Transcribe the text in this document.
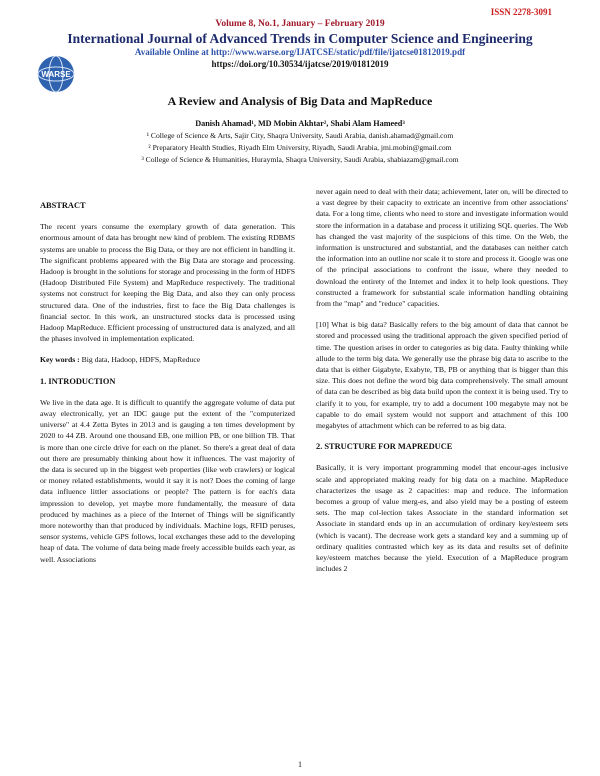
ISSN 2278-3091
Volume 8, No.1, January – February 2019
International Journal of Advanced Trends in Computer Science and Engineering
Available Online at http://www.warse.org/IJATCSE/static/pdf/file/ijatcse01812019.pdf
https://doi.org/10.30534/ijatcse/2019/01812019
WARSE
A Review and Analysis of Big Data and MapReduce
Danish Ahamad¹, MD Mobin Akhtar², Shabi Alam Hameed³
¹ College of Science & Arts, Sajir City, Shaqra University, Saudi Arabia, danish.ahamad@gmail.com
² Preparatory Health Studies, Riyadh Elm University, Riyadh, Saudi Arabia, jmi.mobin@gmail.com
³ College of Science & Humanities, Huraymla, Shaqra University, Saudi Arabia, shabiazam@gmail.com
ABSTRACT

The recent years consume the exemplary growth of data generation. This enormous amount of data has brought new kind of problem. The existing RDBMS systems are unable to process the Big Data, or they are not efficient in handling it. The significant problems appeared with the Big Data are storage and processing. Hadoop is brought in the solutions for storage and processing in the form of HDFS (Hadoop Distributed File System) and MapReduce respectively. The traditional systems not construct for keeping the Big Data, and also they can only process structured data. One of the industries, first to face the Big Data challenges is financial sector. In this work, an unstructured stocks data is processed using Hadoop MapReduce. Efficient processing of unstructured data is analyzed, and all the phases involved in implementation explicated.

Key words : Big data, Hadoop, HDFS, MapReduce

1. INTRODUCTION

We live in the data age. It is difficult to quantify the aggregate volume of data put away electronically, yet an IDC gauge put the extent of the "computerized universe" at 4.4 Zetta Bytes in 2013 and is gauging a ten times development by 2020 to 44 ZB. Around one thousand EB, one million PB, or one billion TB. That is more than one circle drive for each on the planet. So there's a great deal of data out there are presumably thinking about how it influences. The vast majority of the data is secured up in the biggest web properties (like web crawlers) or logical or money related establishments, would it say it is not? Does the coming of large data influence littler associations or people? The pattern is for each's data impression to develop, yet maybe more fundamentally, the measure of data produced by machines as a piece of the Internet of Things will be significantly more noteworthy than that produced by individuals. Machine logs, RFID peruses, sensor systems, vehicle GPS follows, local exchanges these add to the developing heap of data. The volume of data being made freely accessible builds each year, as well. Associations

never again need to deal with their data; achievement, later on, will be directed to a vast degree by their capacity to extricate an incentive from other associations' data. For a long time, clients who need to store and investigate information would store the information in a database and process it utilizing SQL queries. The Web has changed the vast majority of the suspicions of this time. On the Web, the information is unstructured and substantial, and the databases can neither catch the information into an outline nor scale it to store and process it. Google was one of the principal associations to confront the issue, where they needed to download the entirety of the Internet and index it to help look questions. They constructed a framework for substantial scale information handling obtaining from the "map" and "reduce" capacities.

[10] What is big data? Basically refers to the big amount of data that cannot be stored and processed using the traditional approach the given specified period of time. The question arises in order to categories as big data. Faulty thinking while allude to the term big data. We generally use the phrase big data to ascribe to the data that is either Gigabyte, Exabyte, TB, PB or anything that is bigger than this size. This does not define the word big data comprehensively. The small amount of data can be described as big data build upon the context it is being used. Try to clarify it to you, for example, try to add a document 100 megabyte may not be capable to do email system would not support and attachment of this 100 megabytes of attachment which can be referred to as big data.

2. STRUCTURE FOR MAPREDUCE

Basically, it is very important programming model that encour-ages inclusive scale and appropriated making ready for big data on a machine. MapReduce characterizes the usage as 2 capacities: map and reduce. The information becomes a group of value merg-es, and also yield may be a posting of esteem sets. The map col-lection takes Associate in the standard information set Associate in standard ends up in an accumulation of ordinary key/esteem sets (which is vacant). The decrease work gets a standard key and a summing up of ordinary qualities contrasted which key as its data and results set of definite key/esteem matches because the yield. Execution of a MapReduce program includes 2

1
